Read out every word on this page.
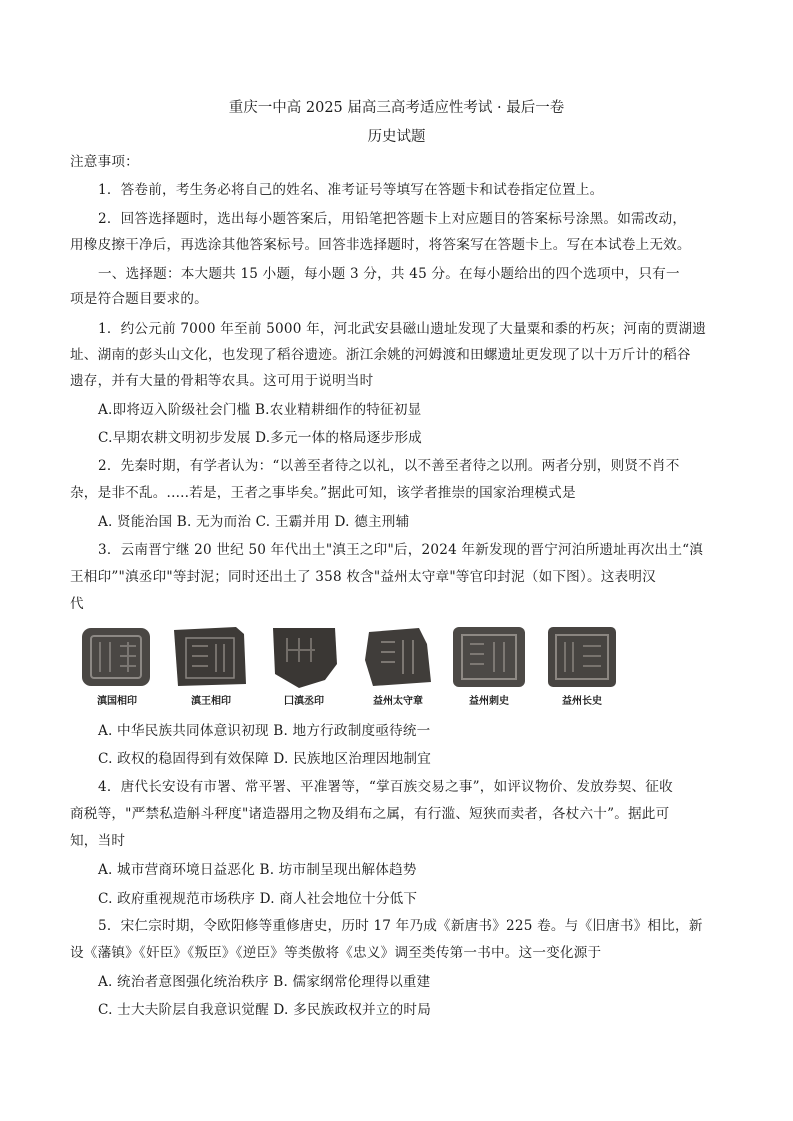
重庆一中高 2025 届高三高考适应性考试 · 最后一卷
历史试题
注意事项：
1．答卷前，考生务必将自己的姓名、准考证号等填写在答题卡和试卷指定位置上。
2．回答选择题时，选出每小题答案后，用铅笔把答题卡上对应题目的答案标号涂黑。如需改动，
用橡皮擦干净后，再选涂其他答案标号。回答非选择题时，将答案写在答题卡上。写在本试卷上无效。
一、选择题：本大题共 15 小题，每小题 3 分，共 45 分。在每小题给出的四个选项中，只有一
项是符合题目要求的。
1．约公元前 7000 年至前 5000 年，河北武安县磁山遗址发现了大量粟和黍的朽灰；河南的贾湖遗
址、湖南的彭头山文化，也发现了稻谷遗迹。浙江余姚的河姆渡和田螺遗址更发现了以十万斤计的稻谷
遗存，并有大量的骨耜等农具。这可用于说明当时
A.即将迈入阶级社会门槛 B.农业精耕细作的特征初显
C.早期农耕文明初步发展 D.多元一体的格局逐步形成
2．先秦时期，有学者认为：“以善至者待之以礼，以不善至者待之以刑。两者分别，则贤不肖不
杂，是非不乱。.....若是，王者之事毕矣。”据此可知，该学者推崇的国家治理模式是
A. 贤能治国 B. 无为而治 C. 王霸并用 D. 德主刑辅
3．云南晋宁继 20 世纪 50 年代出土"滇王之印"后，2024 年新发现的晋宁河泊所遗址再次出土“滇
王相印”"滇丞印"等封泥；同时还出土了 358 枚含"益州太守章"等官印封泥（如下图）。这表明汉
代
滇国相印	滇王相印	囗滇丞印	益州太守章	益州刺史	益州长史
A. 中华民族共同体意识初现 B. 地方行政制度亟待统一
C. 政权的稳固得到有效保障 D. 民族地区治理因地制宜
4．唐代长安设有市署、常平署、平准署等，“掌百族交易之事”，如评议物价、发放券契、征收
商税等，"严禁私造斛斗秤度"诸造器用之物及绢布之属，有行滥、短狭而卖者，各杖六十”。据此可
知，当时
A. 城市营商环境日益恶化 B. 坊市制呈现出解体趋势
C. 政府重视规范市场秩序 D. 商人社会地位十分低下
5．宋仁宗时期，令欧阳修等重修唐史，历时 17 年乃成《新唐书》225 卷。与《旧唐书》相比，新
设《藩镇》《奸臣》《叛臣》《逆臣》等类傲将《忠义》调至类传第一书中。这一变化源于
A. 统治者意图强化统治秩序 B. 儒家纲常伦理得以重建
C. 士大夫阶层自我意识觉醒 D. 多民族政权并立的时局
